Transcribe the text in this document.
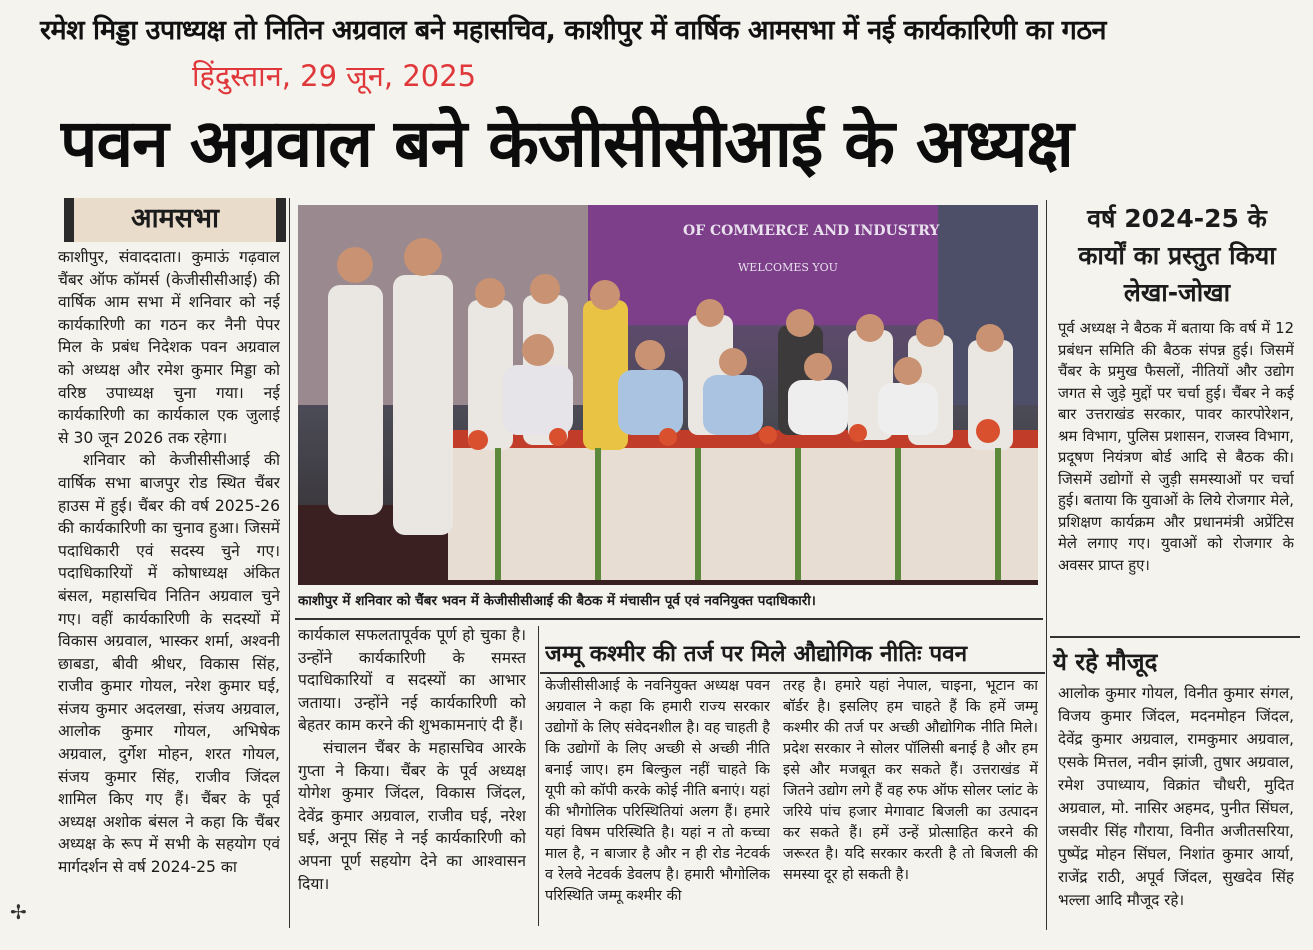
रमेश मिड्डा उपाध्यक्ष तो नितिन अग्रवाल बने महासचिव, काशीपुर में वार्षिक आमसभा में नई कार्यकारिणी का गठन
हिंदुस्तान, 29 जून, 2025
पवन अग्रवाल बने केजीसीसीआई के अध्यक्ष
आमसभा

काशीपुर, संवाददाता। कुमाऊं गढ़वाल चैंबर ऑफ कॉमर्स (केजीसीसीआई) की वार्षिक आम सभा में शनिवार को नई कार्यकारिणी का गठन कर नैनी पेपर मिल के प्रबंध निदेशक पवन अग्रवाल को अध्यक्ष और रमेश कुमार मिड्डा को वरिष्ठ उपाध्यक्ष चुना गया। नई कार्यकारिणी का कार्यकाल एक जुलाई से 30 जून 2026 तक रहेगा।

शनिवार को केजीसीसीआई की वार्षिक सभा बाजपुर रोड स्थित चैंबर हाउस में हुई। चैंबर की वर्ष 2025-26 की कार्यकारिणी का चुनाव हुआ। जिसमें पदाधिकारी एवं सदस्य चुने गए। पदाधिकारियों में कोषाध्यक्ष अंकित बंसल, महासचिव नितिन अग्रवाल चुने गए। वहीं कार्यकारिणी के सदस्यों में विकास अग्रवाल, भास्कर शर्मा, अश्वनी छाबडा, बीवी श्रीधर, विकास सिंह, राजीव कुमार गोयल, नरेश कुमार घई, संजय कुमार अदलखा, संजय अग्रवाल, आलोक कुमार गोयल, अभिषेक अग्रवाल, दुर्गेश मोहन, शरत गोयल, संजय कुमार सिंह, राजीव जिंदल शामिल किए गए हैं। चैंबर के पूर्व अध्यक्ष अशोक बंसल ने कहा कि चैंबर अध्यक्ष के रूप में सभी के सहयोग एवं मार्गदर्शन से वर्ष 2024-25 का

OF COMMERCE AND INDUSTRY
WELCOMES YOU
काशीपुर में शनिवार को चैंबर भवन में केजीसीसीआई की बैठक में मंचासीन पूर्व एवं नवनियुक्त पदाधिकारी।

कार्यकाल सफलतापूर्वक पूर्ण हो चुका है। उन्होंने कार्यकारिणी के समस्त पदाधिकारियों व सदस्यों का आभार जताया। उन्होंने नई कार्यकारिणी को बेहतर काम करने की शुभकामनाएं दी हैं।

संचालन चैंबर के महासचिव आरके गुप्ता ने किया। चैंबर के पूर्व अध्यक्ष योगेश कुमार जिंदल, विकास जिंदल, देवेंद्र कुमार अग्रवाल, राजीव घई, नरेश घई, अनूप सिंह ने नई कार्यकारिणी को अपना पूर्ण सहयोग देने का आश्वासन दिया।

जम्मू कश्मीर की तर्ज पर मिले औद्योगिक नीतिः पवन

केजीसीसीआई के नवनियुक्त अध्यक्ष पवन अग्रवाल ने कहा कि हमारी राज्य सरकार उद्योगों के लिए संवेदनशील है। वह चाहती है कि उद्योगों के लिए अच्छी से अच्छी नीति बनाई जाए। हम बिल्कुल नहीं चाहते कि यूपी को कॉपी करके कोई नीति बनाएं। यहां की भौगोलिक परिस्थितियां अलग हैं। हमारे यहां विषम परिस्थिति है। यहां न तो कच्चा माल है, न बाजार है और न ही रोड नेटवर्क व रेलवे नेटवर्क डेवलप है। हमारी भौगोलिक परिस्थिति जम्मू कश्मीर की

तरह है। हमारे यहां नेपाल, चाइना, भूटान का बॉर्डर है। इसलिए हम चाहते हैं कि हमें जम्मू कश्मीर की तर्ज पर अच्छी औद्योगिक नीति मिले। प्रदेश सरकार ने सोलर पॉलिसी बनाई है और हम इसे और मजबूत कर सकते हैं। उत्तराखंड में जितने उद्योग लगे हैं वह रुफ ऑफ सोलर प्लांट के जरिये पांच हजार मेगावाट बिजली का उत्पादन कर सकते हैं। हमें उन्हें प्रोत्साहित करने की जरूरत है। यदि सरकार करती है तो बिजली की समस्या दूर हो सकती है।

वर्ष 2024-25 के कार्यों का प्रस्तुत किया लेखा-जोखा

पूर्व अध्यक्ष ने बैठक में बताया कि वर्ष में 12 प्रबंधन समिति की बैठक संपन्न हुई। जिसमें चैंबर के प्रमुख फैसलों, नीतियों और उद्योग जगत से जुड़े मुद्दों पर चर्चा हुई। चैंबर ने कई बार उत्तराखंड सरकार, पावर कारपोरेशन, श्रम विभाग, पुलिस प्रशासन, राजस्व विभाग, प्रदूषण नियंत्रण बोर्ड आदि से बैठक की। जिसमें उद्योगों से जुड़ी समस्याओं पर चर्चा हुई। बताया कि युवाओं के लिये रोजगार मेले, प्रशिक्षण कार्यक्रम और प्रधानमंत्री अप्रेंटिस मेले लगाए गए। युवाओं को रोजगार के अवसर प्राप्त हुए।

ये रहे मौजूद

आलोक कुमार गोयल, विनीत कुमार संगल, विजय कुमार जिंदल, मदनमोहन जिंदल, देवेंद्र कुमार अग्रवाल, रामकुमार अग्रवाल, एसके मित्तल, नवीन झांजी, तुषार अग्रवाल, रमेश उपाध्याय, विक्रांत चौधरी, मुदित अग्रवाल, मो. नासिर अहमद, पुनीत सिंघल, जसवीर सिंह गौराया, विनीत अजीतसरिया, पुष्पेंद्र मोहन सिंघल, निशांत कुमार आर्या, राजेंद्र राठी, अपूर्व जिंदल, सुखदेव सिंह भल्ला आदि मौजूद रहे।

✢
